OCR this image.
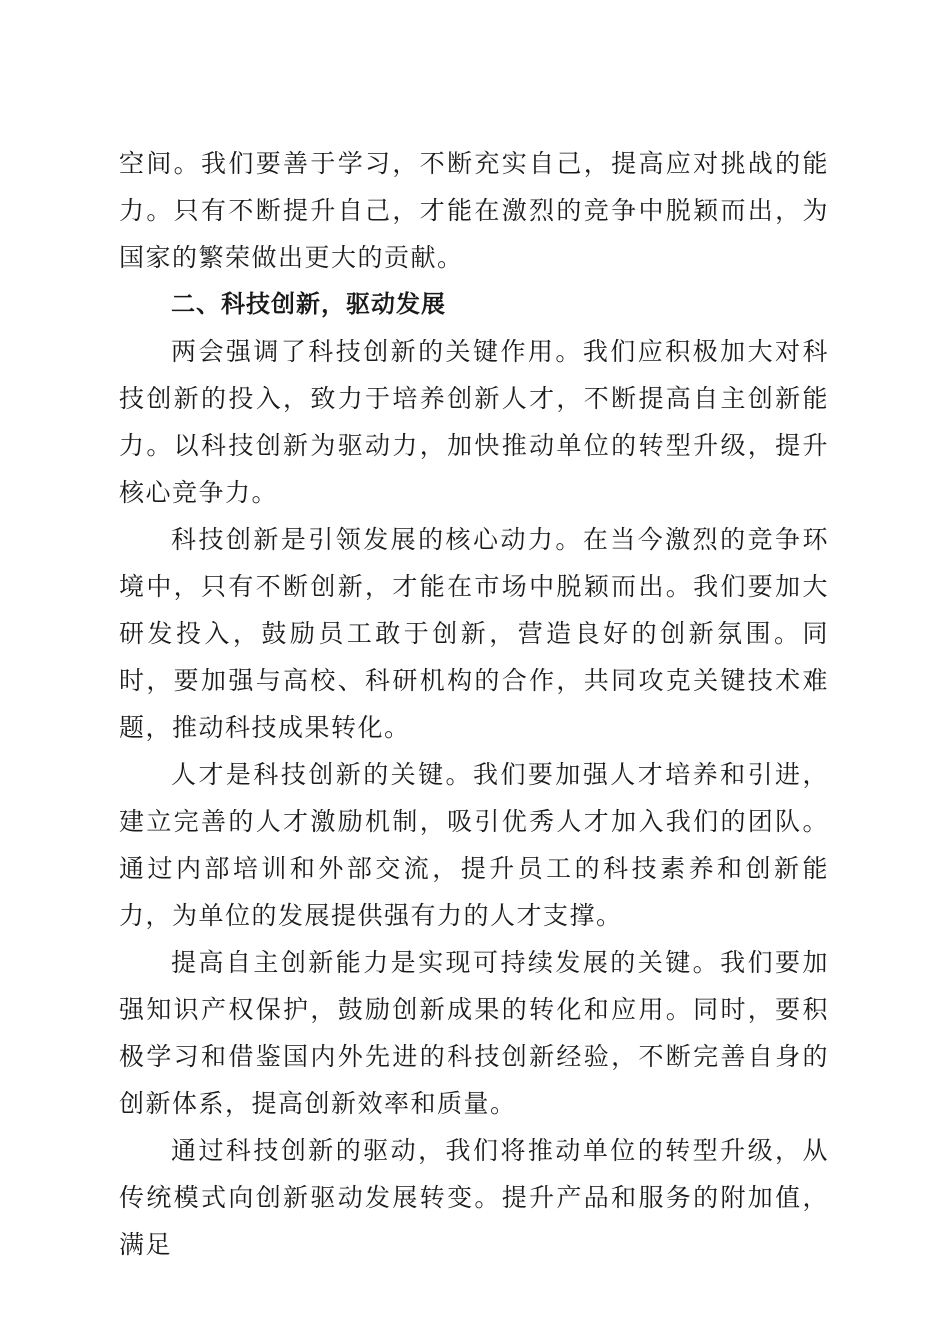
空间。我们要善于学习，不断充实自己，提高应对挑战的能力。只有不断提升自己，才能在激烈的竞争中脱颖而出，为国家的繁荣做出更大的贡献。

二、科技创新，驱动发展

两会强调了科技创新的关键作用。我们应积极加大对科技创新的投入，致力于培养创新人才，不断提高自主创新能力。以科技创新为驱动力，加快推动单位的转型升级，提升核心竞争力。

科技创新是引领发展的核心动力。在当今激烈的竞争环境中，只有不断创新，才能在市场中脱颖而出。我们要加大研发投入，鼓励员工敢于创新，营造良好的创新氛围。同时，要加强与高校、科研机构的合作，共同攻克关键技术难题，推动科技成果转化。

人才是科技创新的关键。我们要加强人才培养和引进，建立完善的人才激励机制，吸引优秀人才加入我们的团队。通过内部培训和外部交流，提升员工的科技素养和创新能力，为单位的发展提供强有力的人才支撑。

提高自主创新能力是实现可持续发展的关键。我们要加强知识产权保护，鼓励创新成果的转化和应用。同时，要积极学习和借鉴国内外先进的科技创新经验，不断完善自身的创新体系，提高创新效率和质量。

通过科技创新的驱动，我们将推动单位的转型升级，从传统模式向创新驱动发展转变。提升产品和服务的附加值，满足
